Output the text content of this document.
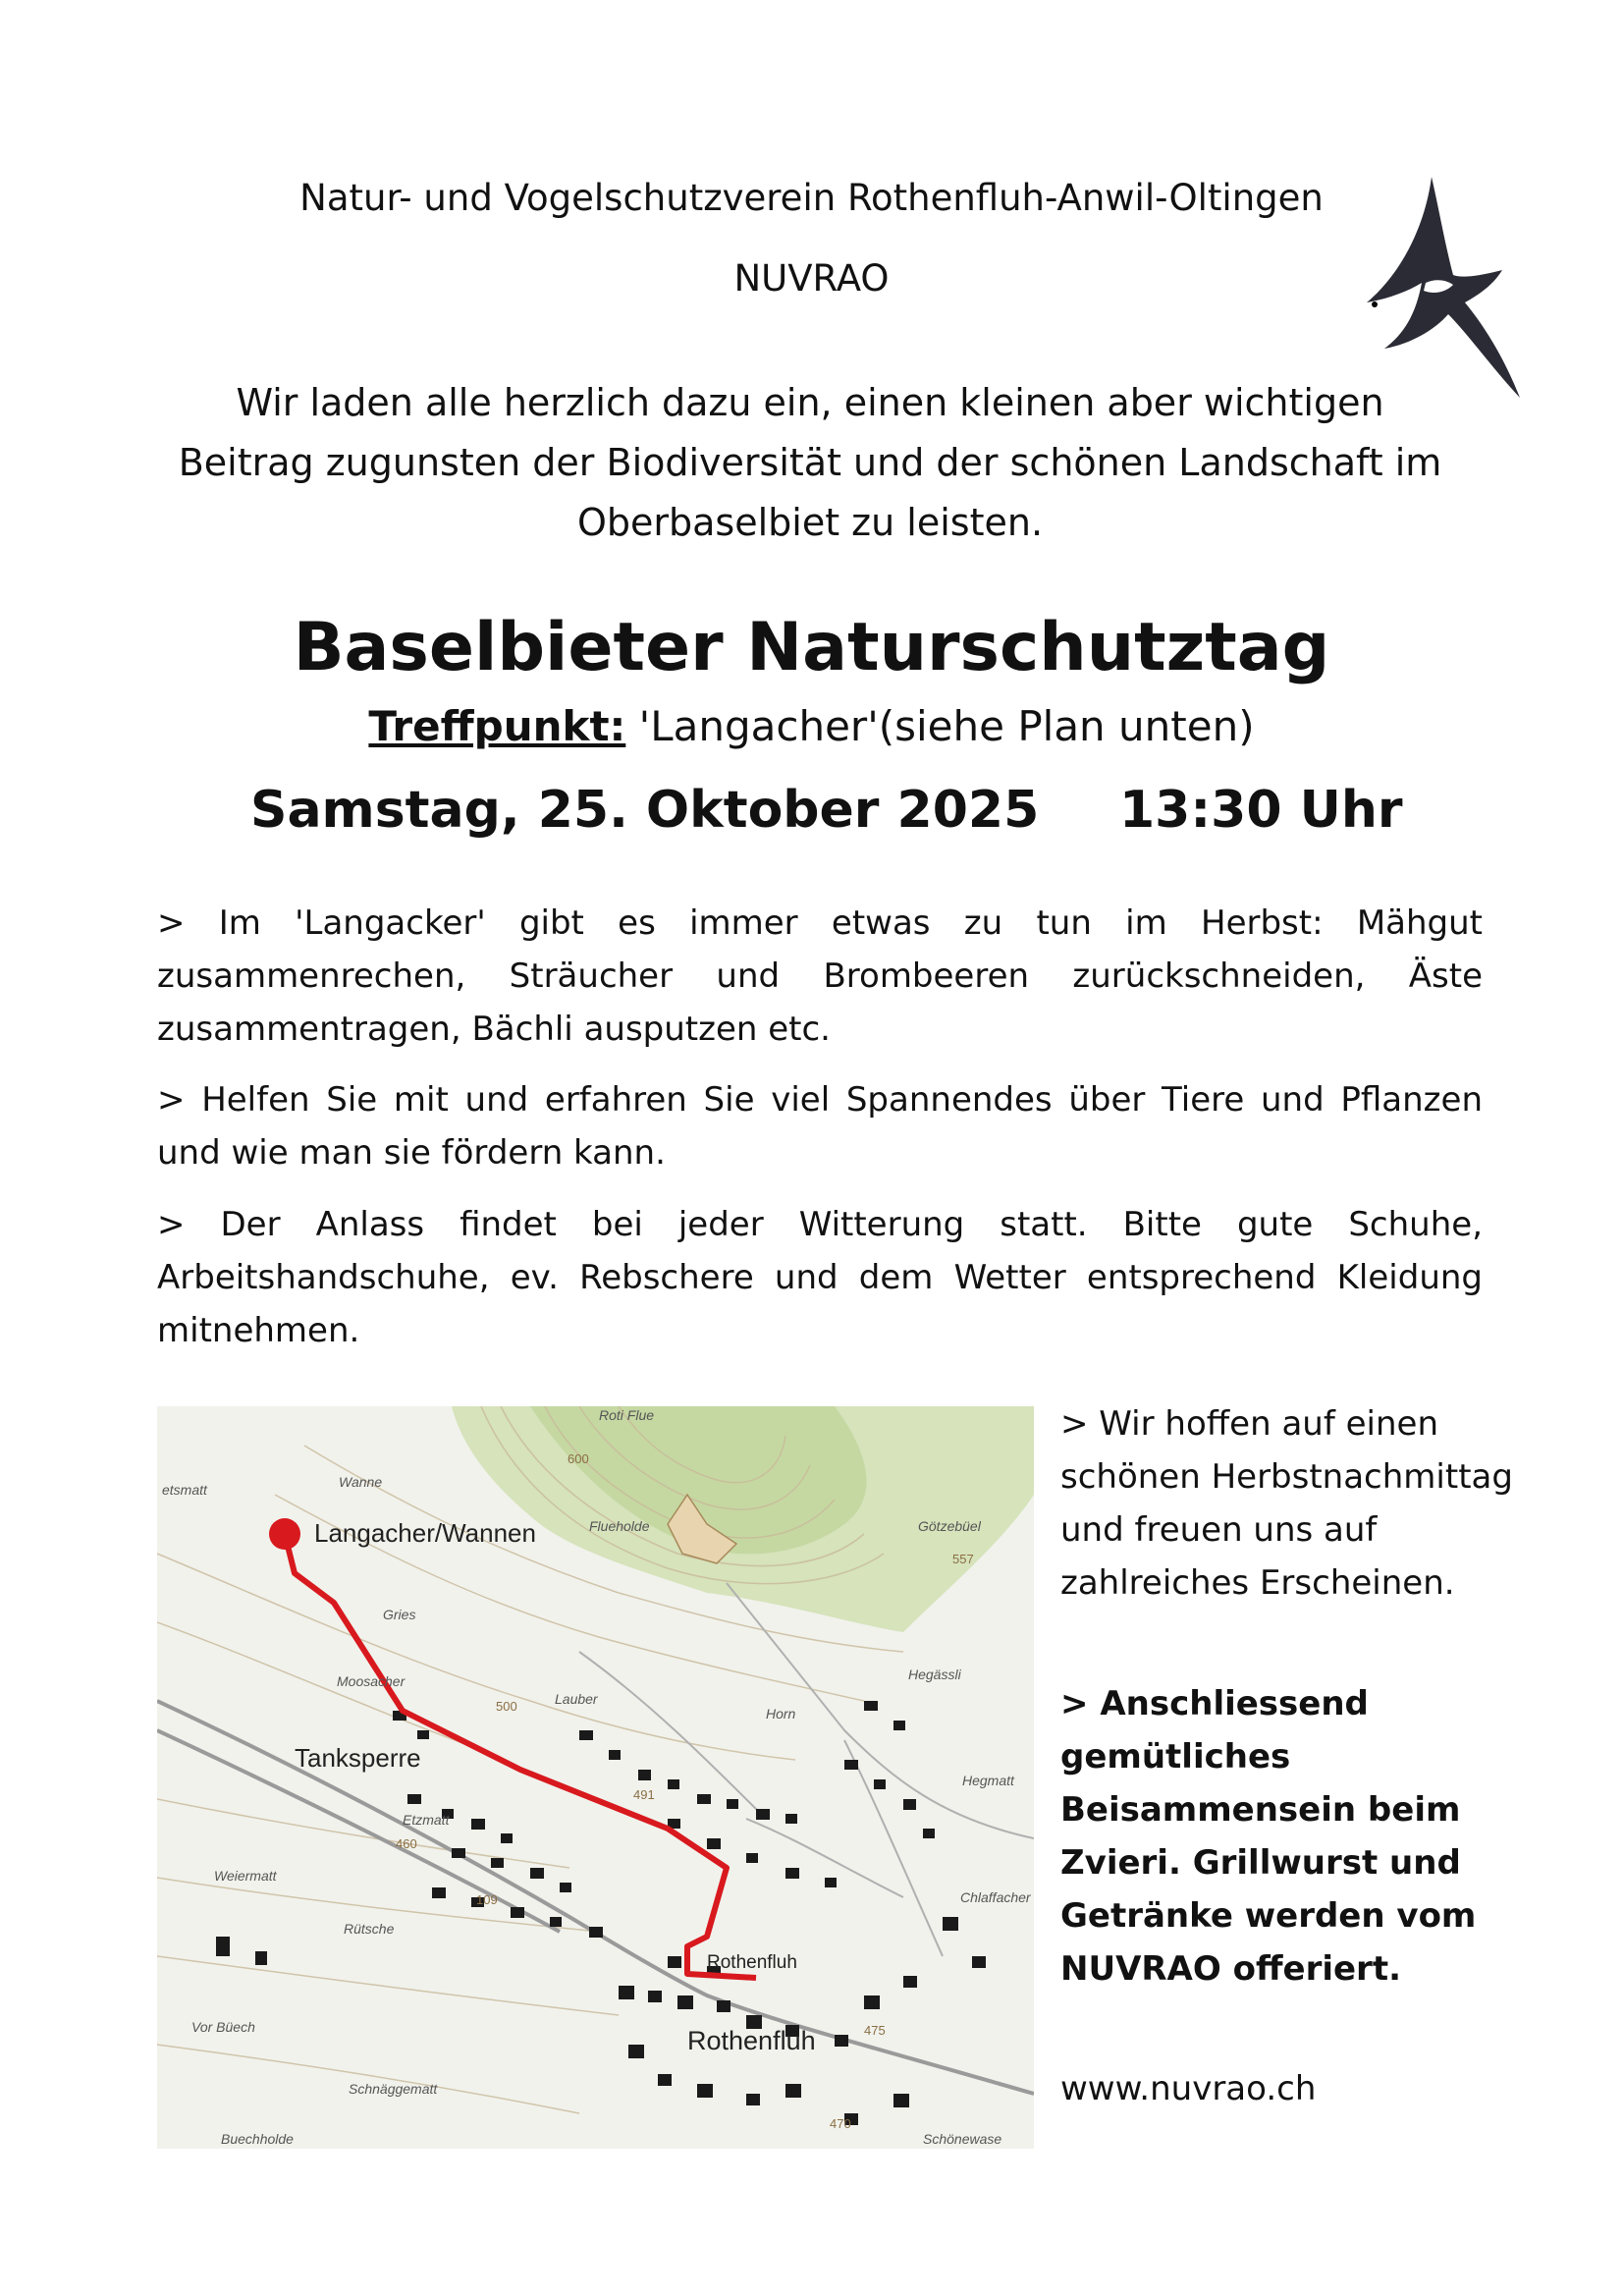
Natur- und Vogelschutzverein Rothenfluh-Anwil-Oltingen
NUVRAO
Wir laden alle herzlich dazu ein, einen kleinen aber wichtigen Beitrag zugunsten der Biodiversität und der schönen Landschaft im Oberbaselbiet zu leisten.
Baselbieter Naturschutztag
Treffpunkt: 'Langacher'(siehe Plan unten)
Samstag, 25. Oktober 2025 13:30 Uhr
> Im 'Langacker' gibt es immer etwas zu tun im Herbst: Mähgut zusammenrechen, Sträucher und Brombeeren zurückschneiden, Äste zusammentragen, Bächli ausputzen etc.
> Helfen Sie mit und erfahren Sie viel Spannendes über Tiere und Pflanzen und wie man sie fördern kann.
> Der Anlass findet bei jeder Witterung statt. Bitte gute Schuhe, Arbeitshandschuhe, ev. Rebschere und dem Wetter entsprechend Kleidung mitnehmen.
Langacher/Wannen
Tanksperre
Rothenfluh
Rothenfluh
Roti Flue
Wanne
Flueholde	Götzebüel
Gries
Moosacher
Lauber
Horn
Hegässli
Hegmatt
Etzmatt
Weiermatt
Rütsche
Vor Büech
Schnäggematt
Buechholde
Chlaffacher
Schönewase
etsmatt
600
557
500
491
460
470
475
109
> Wir hoffen auf einen schönen Herbstnachmittag und freuen uns auf zahlreiches Erscheinen.
> Anschliessend gemütliches Beisammensein beim Zvieri. Grillwurst und Getränke werden vom NUVRAO offeriert.
www.nuvrao.ch
